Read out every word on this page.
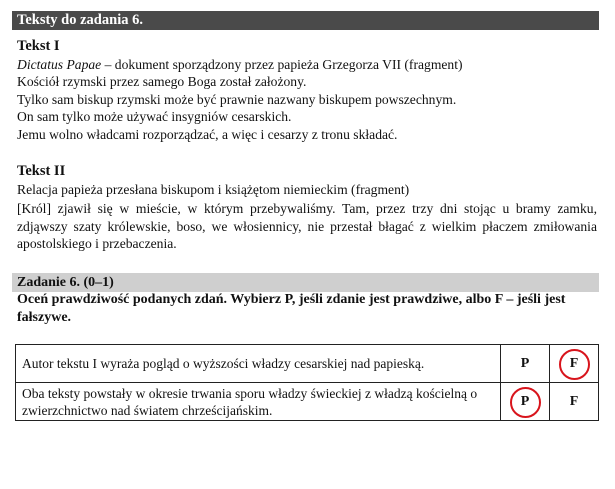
Teksty do zadania 6.
Tekst I
Dictatus Papae – dokument sporządzony przez papieża Grzegorza VII (fragment)
Kościół rzymski przez samego Boga został założony.
Tylko sam biskup rzymski może być prawnie nazwany biskupem powszechnym.
On sam tylko może używać insygniów cesarskich.
Jemu wolno władcami rozporządzać, a więc i cesarzy z tronu składać.
Tekst II
Relacja papieża przesłana biskupom i książętom niemieckim (fragment)
[Król] zjawił się w mieście, w którym przebywaliśmy. Tam, przez trzy dni stojąc u bramy zamku, zdjąwszy szaty królewskie, boso, we włosiennicy, nie przestał błagać z wielkim płaczem zmiłowania apostolskiego i przebaczenia.
Zadanie 6. (0–1)
Oceń prawdziwość podanych zdań. Wybierz P, jeśli zdanie jest prawdziwe, albo F – jeśli jest fałszywe.
Autor tekstu I wyraża pogląd o wyższości władzy cesarskiej nad papieską.	P	F

Oba teksty powstały w okresie trwania sporu władzy świeckiej z władzą kościelną o zwierzchnictwo nad światem chrześcijańskim.	P	F
